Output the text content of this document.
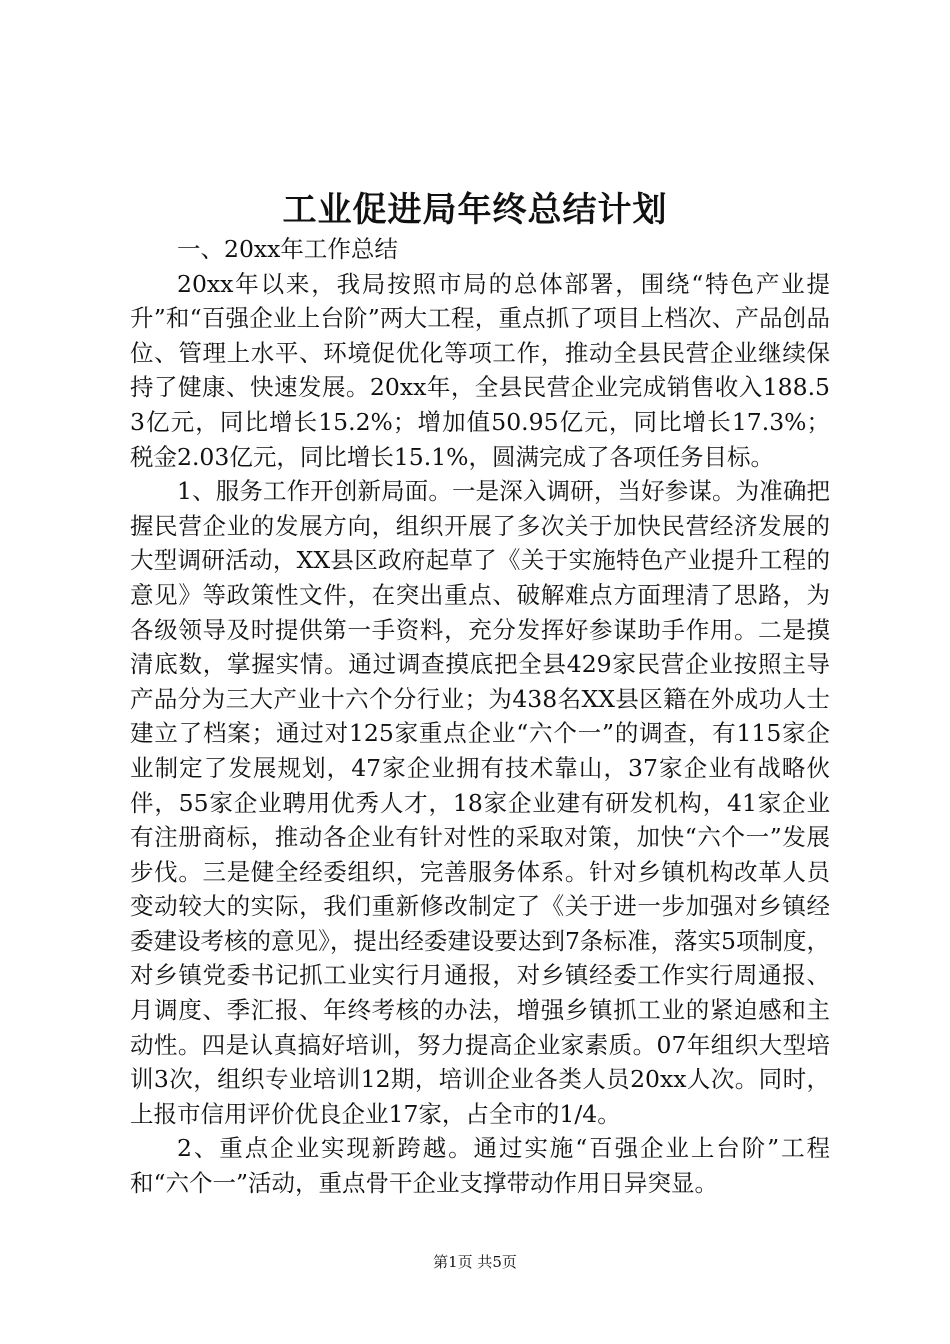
工业促进局年终总结计划

一、20xx年工作总结

20xx年以来，我局按照市局的总体部署，围绕“特色产业提升”和“百强企业上台阶”两大工程，重点抓了项目上档次、产品创品位、管理上水平、环境促优化等项工作，推动全县民营企业继续保持了健康、快速发展。20xx年，全县民营企业完成销售收入188.53亿元，同比增长15.2%；增加值50.95亿元，同比增长17.3%；税金2.03亿元，同比增长15.1%，圆满完成了各项任务目标。

1、服务工作开创新局面。一是深入调研，当好参谋。为准确把握民营企业的发展方向，组织开展了多次关于加快民营经济发展的大型调研活动，XX县区政府起草了《关于实施特色产业提升工程的意见》等政策性文件，在突出重点、破解难点方面理清了思路，为各级领导及时提供第一手资料，充分发挥好参谋助手作用。二是摸清底数，掌握实情。通过调查摸底把全县429家民营企业按照主导产品分为三大产业十六个分行业；为438名XX县区籍在外成功人士建立了档案；通过对125家重点企业“六个一”的调查，有115家企业制定了发展规划，47家企业拥有技术靠山，37家企业有战略伙伴，55家企业聘用优秀人才，18家企业建有研发机构，41家企业有注册商标，推动各企业有针对性的采取对策，加快“六个一”发展步伐。三是健全经委组织，完善服务体系。针对乡镇机构改革人员变动较大的实际，我们重新修改制定了《关于进一步加强对乡镇经委建设考核的意见》，提出经委建设要达到7条标准，落实5项制度，对乡镇党委书记抓工业实行月通报，对乡镇经委工作实行周通报、月调度、季汇报、年终考核的办法，增强乡镇抓工业的紧迫感和主动性。四是认真搞好培训，努力提高企业家素质。07年组织大型培训3次，组织专业培训12期，培训企业各类人员20xx人次。同时，上报市信用评价优良企业17家，占全市的1/4。

2、重点企业实现新跨越。通过实施“百强企业上台阶”工程和“六个一”活动，重点骨干企业支撑带动作用日异突显。

第1页 共5页
